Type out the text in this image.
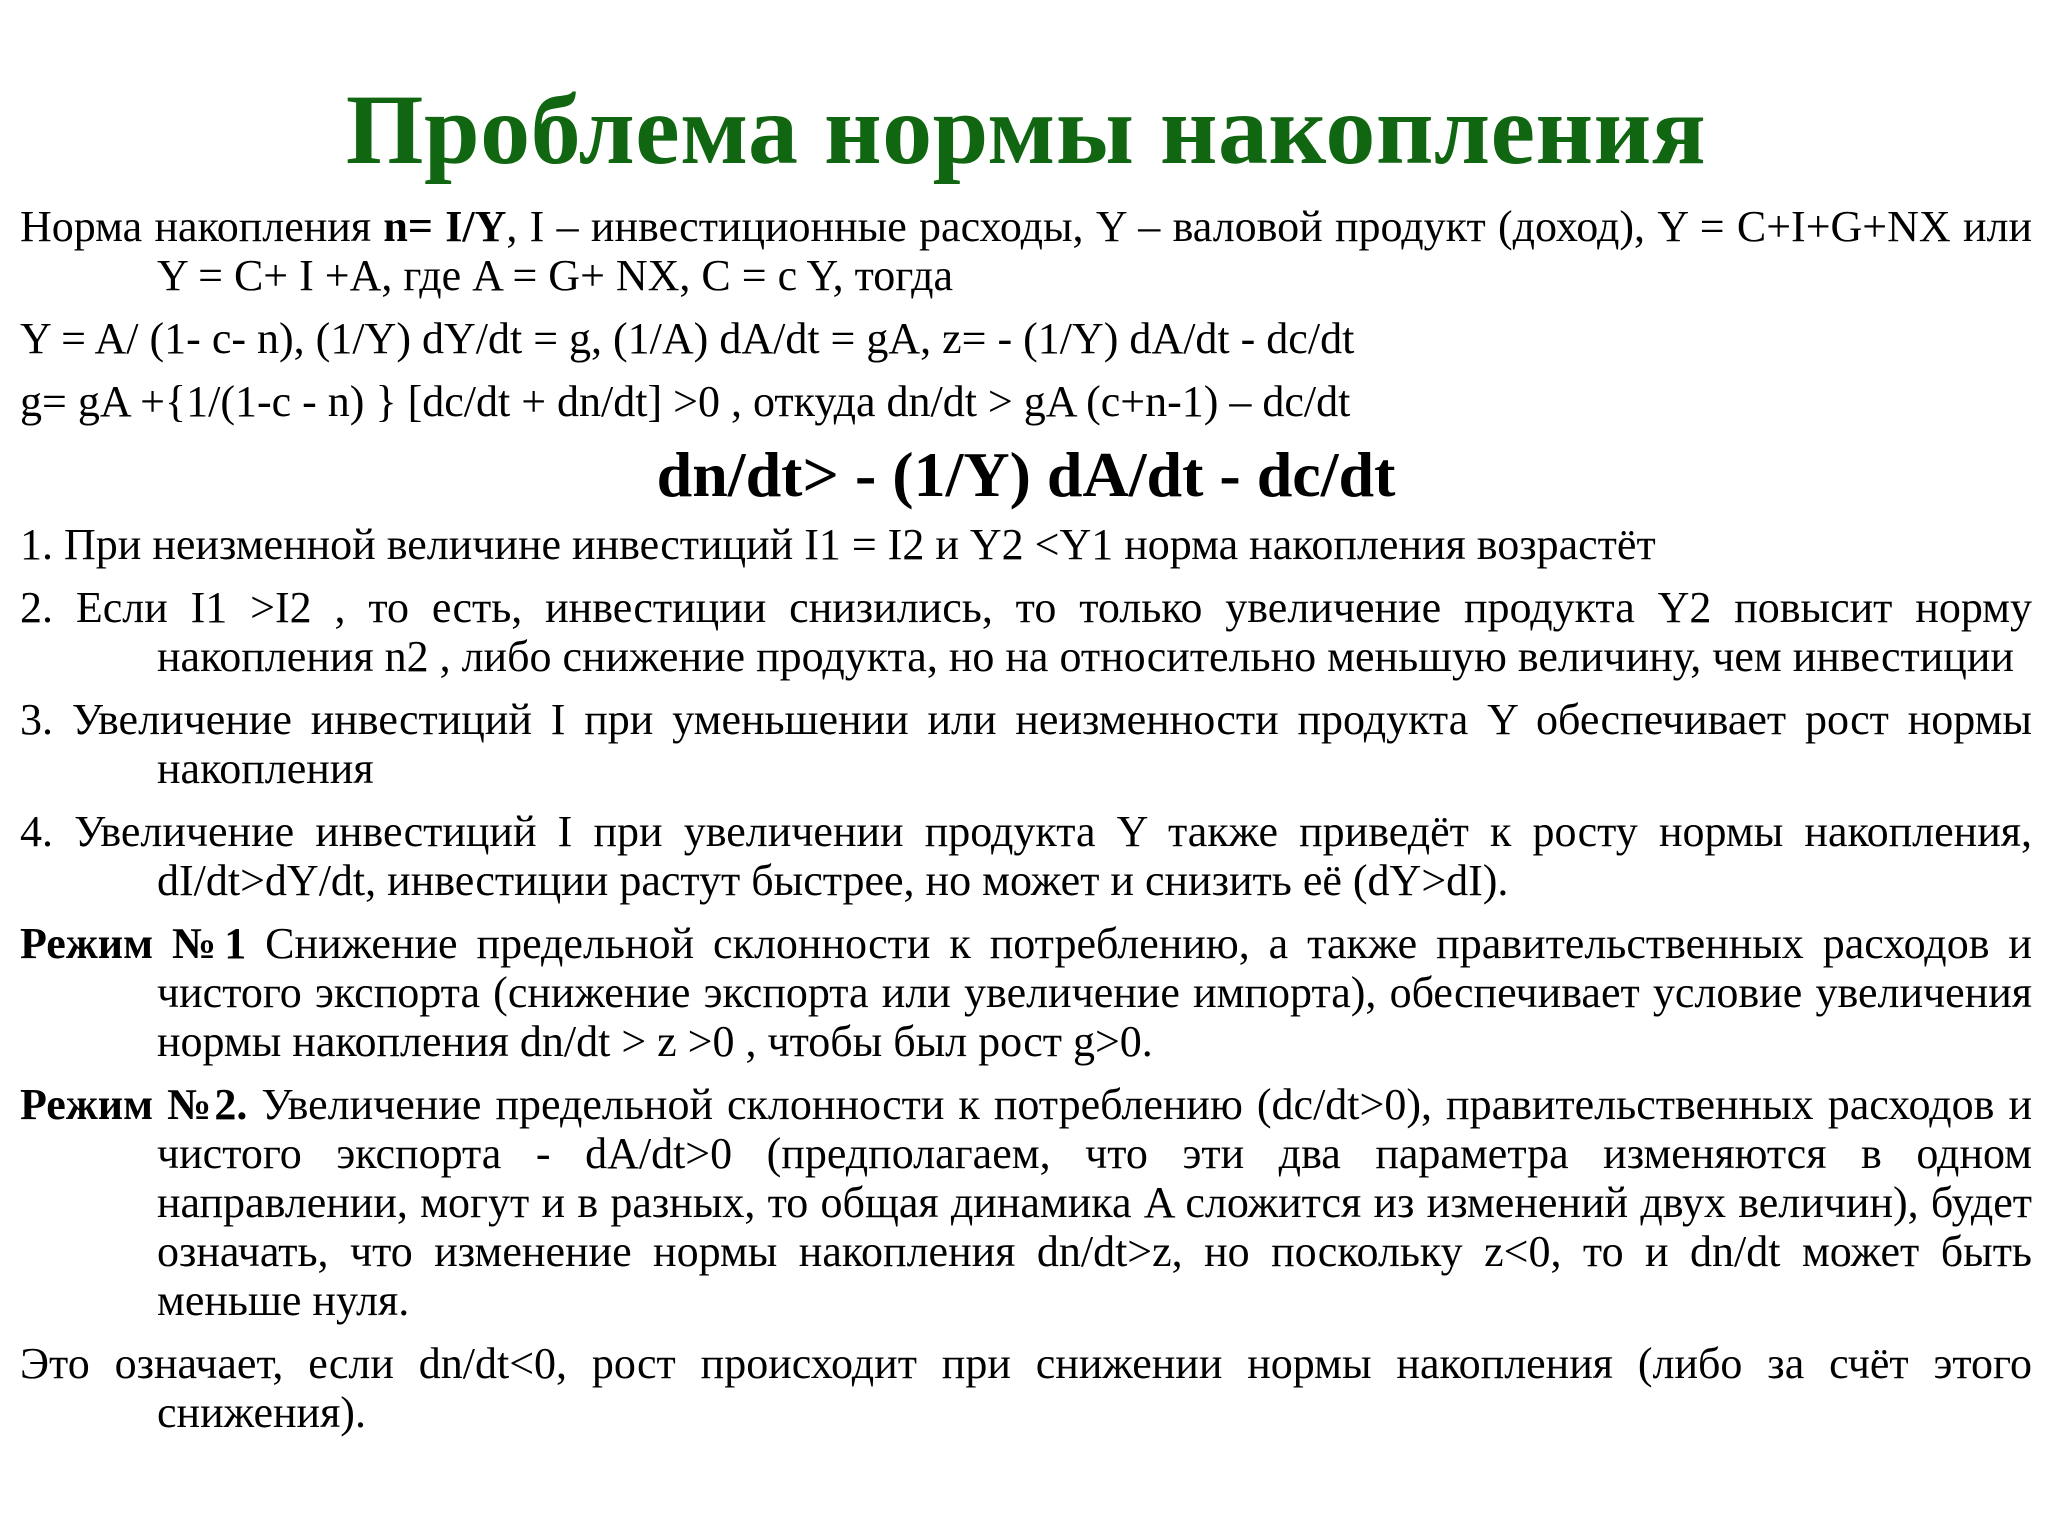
Проблема нормы накопления

Норма накопления n= I/Y, I – инвестиционные расходы, Y – валовой продукт (доход), Y = C+I+G+NX или Y = C+ I +A, где A = G+ NX, C = c Y, тогда

Y = A/ (1- c- n), (1/Y) dY/dt = g, (1/A) dA/dt = gA, z= - (1/Y) dA/dt - dc/dt

g= gA +{1/(1-c - n) } [dc/dt + dn/dt] >0 , откуда dn/dt > gA (c+n-1) – dc/dt

dn/dt> - (1/Y) dA/dt - dc/dt

1. При неизменной величине инвестиций I1 = I2 и Y2 <Y1 норма накопления возрастёт

2. Если I1 >I2 , то есть, инвестиции снизились, то только увеличение продукта Y2 повысит норму накопления n2 , либо снижение продукта, но на относительно меньшую величину, чем инвестиции

3. Увеличение инвестиций I при уменьшении или неизменности продукта Y обеспечивает рост нормы накопления

4. Увеличение инвестиций I при увеличении продукта Y также приведёт к росту нормы накопления, dI/dt>dY/dt, инвестиции растут быстрее, но может и снизить её (dY>dI).

Режим №1 Снижение предельной склонности к потреблению, а также правительственных расходов и чистого экспорта (снижение экспорта или увеличение импорта), обеспечивает условие увеличения нормы накопления dn/dt > z >0 , чтобы был рост g>0.

Режим №2. Увеличение предельной склонности к потреблению (dc/dt>0), правительственных расходов и чистого экспорта - dA/dt>0 (предполагаем, что эти два параметра изменяются в одном направлении, могут и в разных, то общая динамика A сложится из изменений двух величин), будет означать, что изменение нормы накопления dn/dt>z, но поскольку z<0, то и dn/dt может быть меньше нуля.

Это означает, если dn/dt<0, рост происходит при снижении нормы накопления (либо за счёт этого снижения).
